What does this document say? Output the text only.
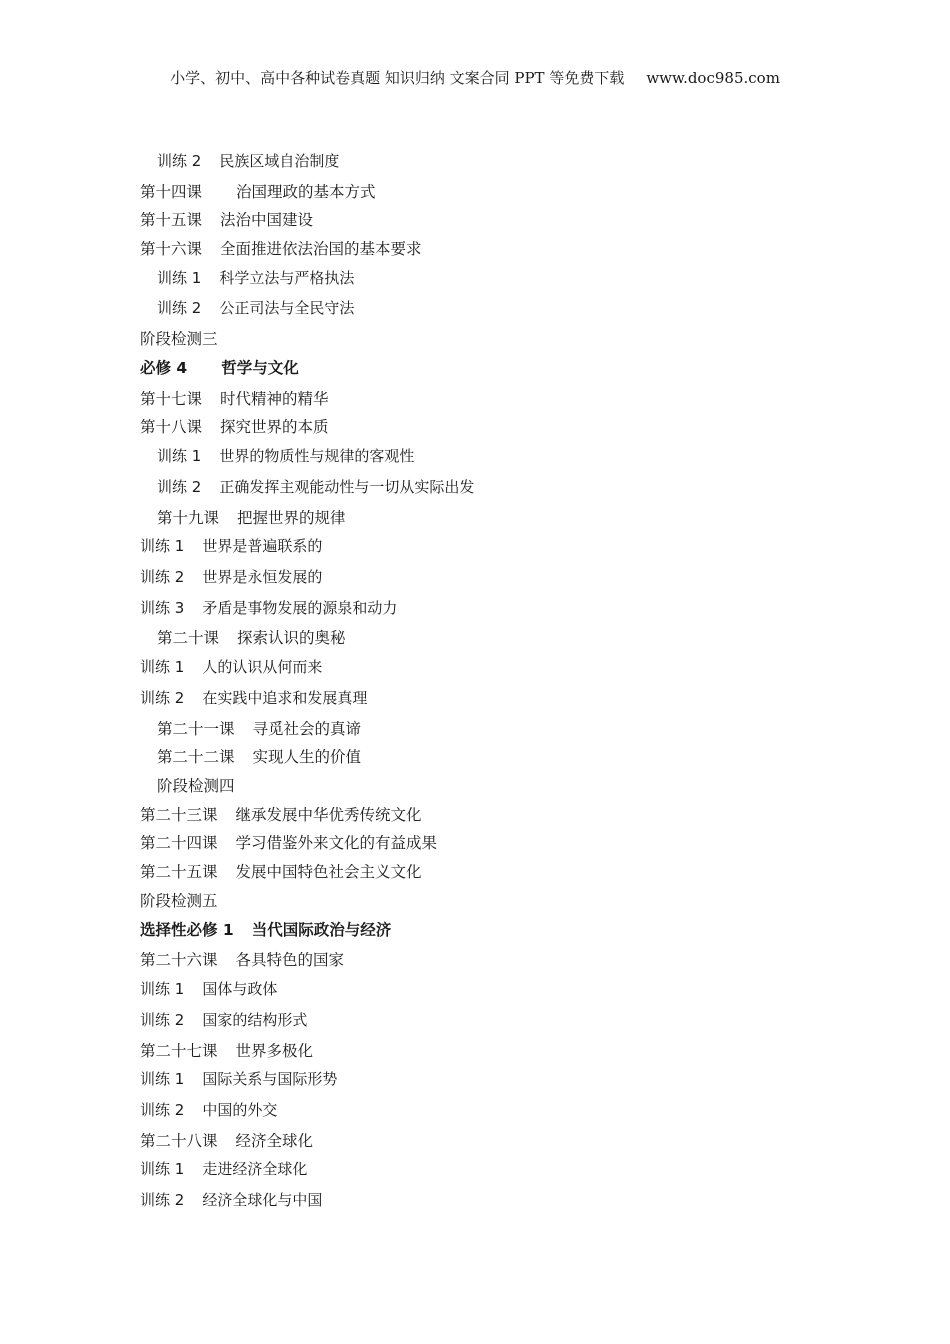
小学、初中、高中各种试卷真题 知识归纳 文案合同 PPT 等免费下载 www.doc985.com
训练 2 民族区域自治制度
第十四课 治国理政的基本方式
第十五课 法治中国建设
第十六课 全面推进依法治国的基本要求
训练 1 科学立法与严格执法
训练 2 公正司法与全民守法
阶段检测三
必修 4 哲学与文化
第十七课 时代精神的精华
第十八课 探究世界的本质
训练 1 世界的物质性与规律的客观性
训练 2 正确发挥主观能动性与一切从实际出发
第十九课 把握世界的规律
训练 1 世界是普遍联系的
训练 2 世界是永恒发展的
训练 3 矛盾是事物发展的源泉和动力
第二十课 探索认识的奥秘
训练 1 人的认识从何而来
训练 2 在实践中追求和发展真理
第二十一课 寻觅社会的真谛
第二十二课 实现人生的价值
阶段检测四
第二十三课 继承发展中华优秀传统文化
第二十四课 学习借鉴外来文化的有益成果
第二十五课 发展中国特色社会主义文化
阶段检测五
选择性必修 1 当代国际政治与经济
第二十六课 各具特色的国家
训练 1 国体与政体
训练 2 国家的结构形式
第二十七课 世界多极化
训练 1 国际关系与国际形势
训练 2 中国的外交
第二十八课 经济全球化
训练 1 走进经济全球化
训练 2 经济全球化与中国
